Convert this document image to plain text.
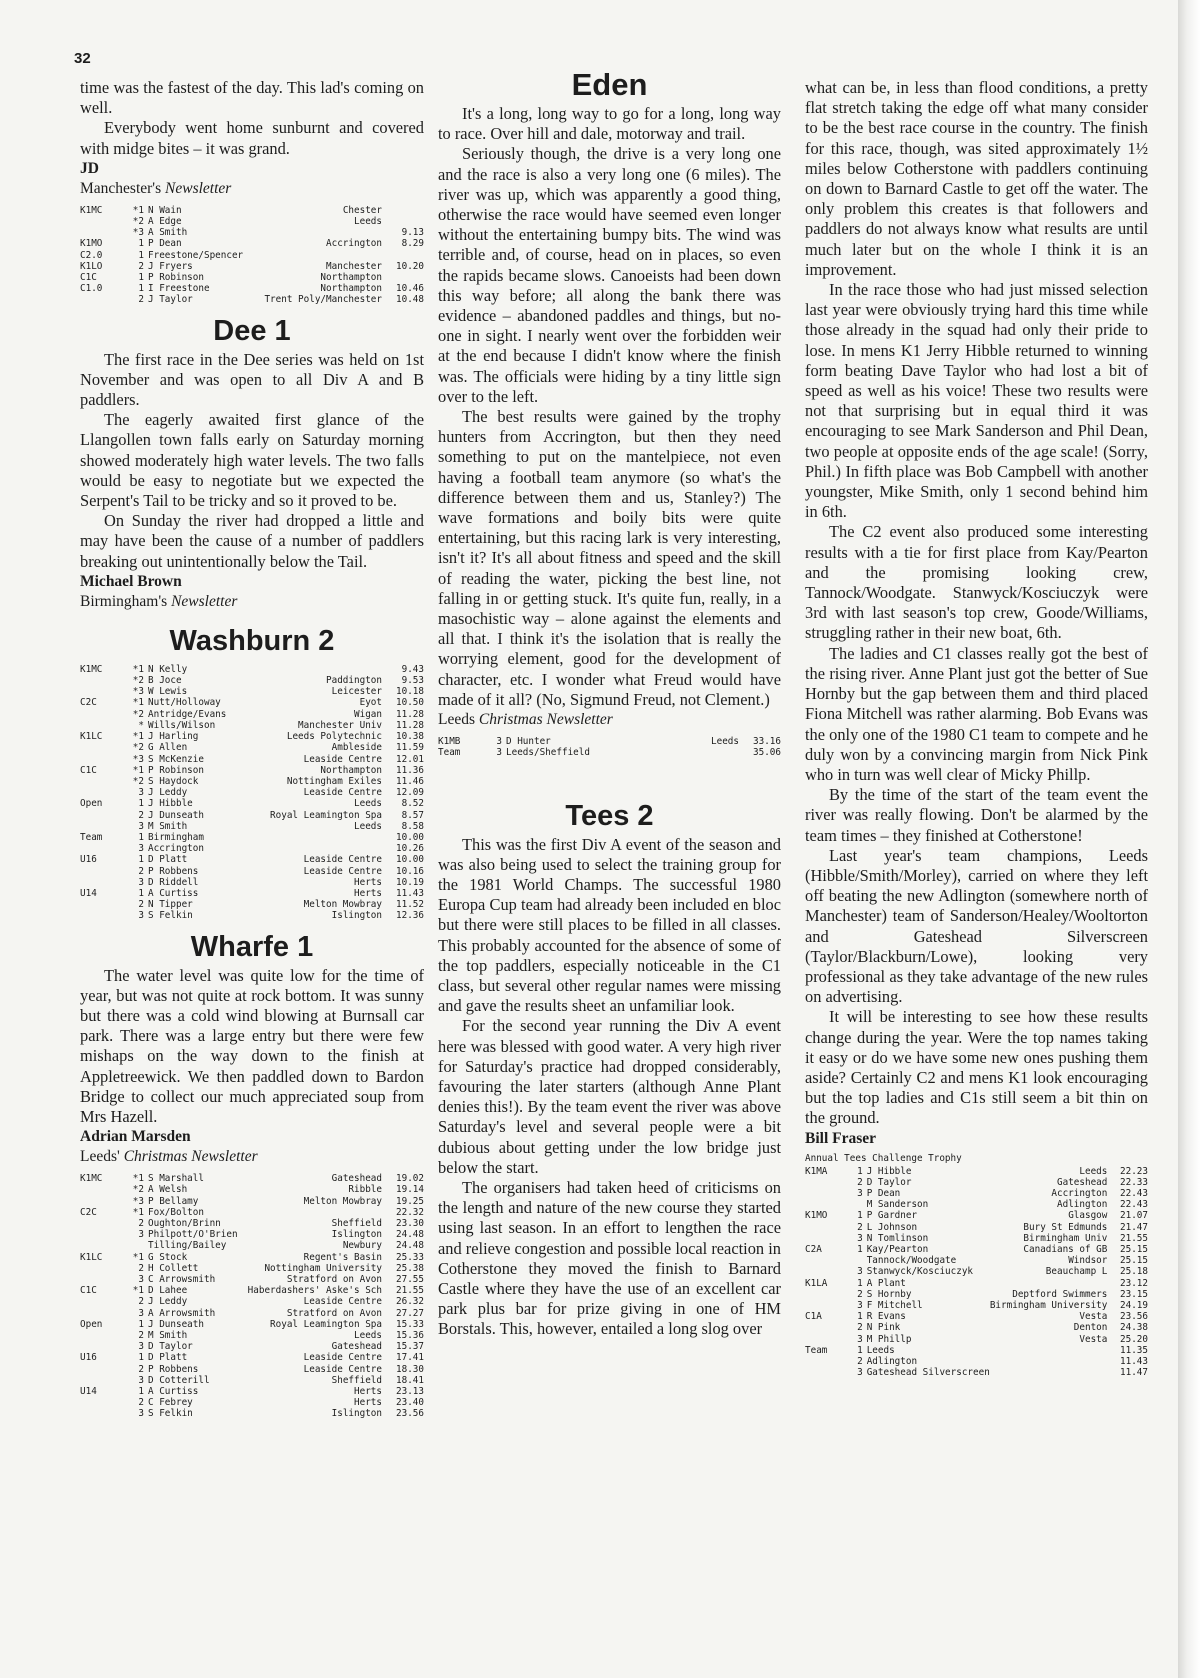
32

time was the fastest of the day. This lad's coming on well.

Everybody went home sunburnt and covered with midge bites – it was grand.

JD
Manchester's Newsletter
K1MC	*1	N Wain	Chester	
	*2	A Edge	Leeds	
	*3	A Smith		9.13
K1MO	1	P Dean	Accrington	8.29
C2.0	1	Freestone/Spencer		
K1LO	2	J Fryers	Manchester	10.20
C1C	1	P Robinson	Northampton	
C1.0	1	I Freestone	Northampton	10.46
	2	J Taylor	Trent Poly/Manchester	10.48
Dee 1

The first race in the Dee series was held on 1st November and was open to all Div A and B paddlers.

The eagerly awaited first glance of the Llangollen town falls early on Saturday morning showed moderately high water levels. The two falls would be easy to negotiate but we expected the Serpent's Tail to be tricky and so it proved to be.

On Sunday the river had dropped a little and may have been the cause of a number of paddlers breaking out unintentionally below the Tail.

Michael Brown
Birmingham's Newsletter
Washburn 2
K1MC	*1	N Kelly		9.43
	*2	B Joce	Paddington	9.53
	*3	W Lewis	Leicester	10.18
C2C	*1	Nutt/Holloway	Eyot	10.50
	*2	Antridge/Evans	Wigan	11.28
	*	Wills/Wilson	Manchester Univ	11.28
K1LC	*1	J Harling	Leeds Polytechnic	10.38
	*2	G Allen	Ambleside	11.59
	*3	S McKenzie	Leaside Centre	12.01
C1C	*1	P Robinson	Northampton	11.36
	*2	S Haydock	Nottingham Exiles	11.46
	3	J Leddy	Leaside Centre	12.09
Open	1	J Hibble	Leeds	8.52
	2	J Dunseath	Royal Leamington Spa	8.57
	3	M Smith	Leeds	8.58
Team	1	Birmingham		10.00
	3	Accrington		10.26
U16	1	D Platt	Leaside Centre	10.00
	2	P Robbens	Leaside Centre	10.16
	3	D Riddell	Herts	10.19
U14	1	A Curtiss	Herts	11.43
	2	N Tipper	Melton Mowbray	11.52
	3	S Felkin	Islington	12.36
Wharfe 1

The water level was quite low for the time of year, but was not quite at rock bottom. It was sunny but there was a cold wind blowing at Burnsall car park. There was a large entry but there were few mishaps on the way down to the finish at Appletreewick. We then paddled down to Bardon Bridge to collect our much appreciated soup from Mrs Hazell.

Adrian Marsden
Leeds' Christmas Newsletter
K1MC	*1	S Marshall	Gateshead	19.02
	*2	A Welsh	Ribble	19.14
	*3	P Bellamy	Melton Mowbray	19.25
C2C	*1	Fox/Bolton		22.32
	2	Oughton/Brinn	Sheffield	23.30
	3	Philpott/O'Brien	Islington	24.48
		Tilling/Bailey	Newbury	24.48
K1LC	*1	G Stock	Regent's Basin	25.33
	2	H Collett	Nottingham University	25.38
	3	C Arrowsmith	Stratford on Avon	27.55
C1C	*1	D Lahee	Haberdashers' Aske's Sch	21.55
	2	J Leddy	Leaside Centre	26.32
	3	A Arrowsmith	Stratford on Avon	27.27
Open	1	J Dunseath	Royal Leamington Spa	15.33
	2	M Smith	Leeds	15.36
	3	D Taylor	Gateshead	15.37
U16	1	D Platt	Leaside Centre	17.41
	2	P Robbens	Leaside Centre	18.30
	3	D Cotterill	Sheffield	18.41
U14	1	A Curtiss	Herts	23.13
	2	C Febrey	Herts	23.40
	3	S Felkin	Islington	23.56
Eden

It's a long, long way to go for a long, long way to race. Over hill and dale, motorway and trail.

Seriously though, the drive is a very long one and the race is also a very long one (6 miles). The river was up, which was apparently a good thing, otherwise the race would have seemed even longer without the entertaining bumpy bits. The wind was terrible and, of course, head on in places, so even the rapids became slows. Canoeists had been down this way before; all along the bank there was evidence – abandoned paddles and things, but no-one in sight. I nearly went over the forbidden weir at the end because I didn't know where the finish was. The officials were hiding by a tiny little sign over to the left.

The best results were gained by the trophy hunters from Accrington, but then they need something to put on the mantelpiece, not even having a football team anymore (so what's the difference between them and us, Stanley?) The wave formations and boily bits were quite entertaining, but this racing lark is very interesting, isn't it? It's all about fitness and speed and the skill of reading the water, picking the best line, not falling in or getting stuck. It's quite fun, really, in a masochistic way – alone against the elements and all that. I think it's the isolation that is really the worrying element, good for the development of character, etc. I wonder what Freud would have made of it all? (No, Sigmund Freud, not Clement.)

Leeds Christmas Newsletter
K1MB	3	D Hunter	Leeds	33.16
Team	3	Leeds/Sheffield		35.06
Tees 2

This was the first Div A event of the season and was also being used to select the training group for the 1981 World Champs. The successful 1980 Europa Cup team had already been included en bloc but there were still places to be filled in all classes. This probably accounted for the absence of some of the top paddlers, especially noticeable in the C1 class, but several other regular names were missing and gave the results sheet an unfamiliar look.

For the second year running the Div A event here was blessed with good water. A very high river for Saturday's practice had dropped considerably, favouring the later starters (although Anne Plant denies this!). By the team event the river was above Saturday's level and several people were a bit dubious about getting under the low bridge just below the start.

The organisers had taken heed of criticisms on the length and nature of the new course they started using last season. In an effort to lengthen the race and relieve congestion and possible local reaction in Cotherstone they moved the finish to Barnard Castle where they have the use of an excellent car park plus bar for prize giving in one of HM Borstals. This, however, entailed a long slog over

what can be, in less than flood conditions, a pretty flat stretch taking the edge off what many consider to be the best race course in the country. The finish for this race, though, was sited approximately 1½ miles below Cotherstone with paddlers continuing on down to Barnard Castle to get off the water. The only problem this creates is that followers and paddlers do not always know what results are until much later but on the whole I think it is an improvement.

In the race those who had just missed selection last year were obviously trying hard this time while those already in the squad had only their pride to lose. In mens K1 Jerry Hibble returned to winning form beating Dave Taylor who had lost a bit of speed as well as his voice! These two results were not that surprising but in equal third it was encouraging to see Mark Sanderson and Phil Dean, two people at opposite ends of the age scale! (Sorry, Phil.) In fifth place was Bob Campbell with another youngster, Mike Smith, only 1 second behind him in 6th.

The C2 event also produced some interesting results with a tie for first place from Kay/Pearton and the promising looking crew, Tannock/Woodgate. Stanwyck/Kosciuczyk were 3rd with last season's top crew, Goode/Williams, struggling rather in their new boat, 6th.

The ladies and C1 classes really got the best of the rising river. Anne Plant just got the better of Sue Hornby but the gap between them and third placed Fiona Mitchell was rather alarming. Bob Evans was the only one of the 1980 C1 team to compete and he duly won by a convincing margin from Nick Pink who in turn was well clear of Micky Phillp.

By the time of the start of the team event the river was really flowing. Don't be alarmed by the team times – they finished at Cotherstone!

Last year's team champions, Leeds (Hibble/Smith/Morley), carried on where they left off beating the new Adlington (somewhere north of Manchester) team of Sanderson/Healey/Wooltorton and Gateshead Silverscreen (Taylor/Blackburn/Lowe), looking very professional as they take advantage of the new rules on advertising.

It will be interesting to see how these results change during the year. Were the top names taking it easy or do we have some new ones pushing them aside? Certainly C2 and mens K1 look encouraging but the top ladies and C1s still seem a bit thin on the ground.

Bill Fraser
Annual Tees Challenge Trophy
K1MA	1	J Hibble	Leeds	22.23
	2	D Taylor	Gateshead	22.33
	3	P Dean	Accrington	22.43
		M Sanderson	Adlington	22.43
K1MO	1	P Gardner	Glasgow	21.07
	2	L Johnson	Bury St Edmunds	21.47
	3	N Tomlinson	Birmingham Univ	21.55
C2A	1	Kay/Pearton	Canadians of GB	25.15
		Tannock/Woodgate	Windsor	25.15
	3	Stanwyck/Kosciuczyk	Beauchamp L	25.18
K1LA	1	A Plant		23.12
	2	S Hornby	Deptford Swimmers	23.15
	3	F Mitchell	Birmingham University	24.19
C1A	1	R Evans	Vesta	23.56
	2	N Pink	Denton	24.38
	3	M Phillp	Vesta	25.20
Team	1	Leeds		11.35
	2	Adlington		11.43
	3	Gateshead Silverscreen		11.47
